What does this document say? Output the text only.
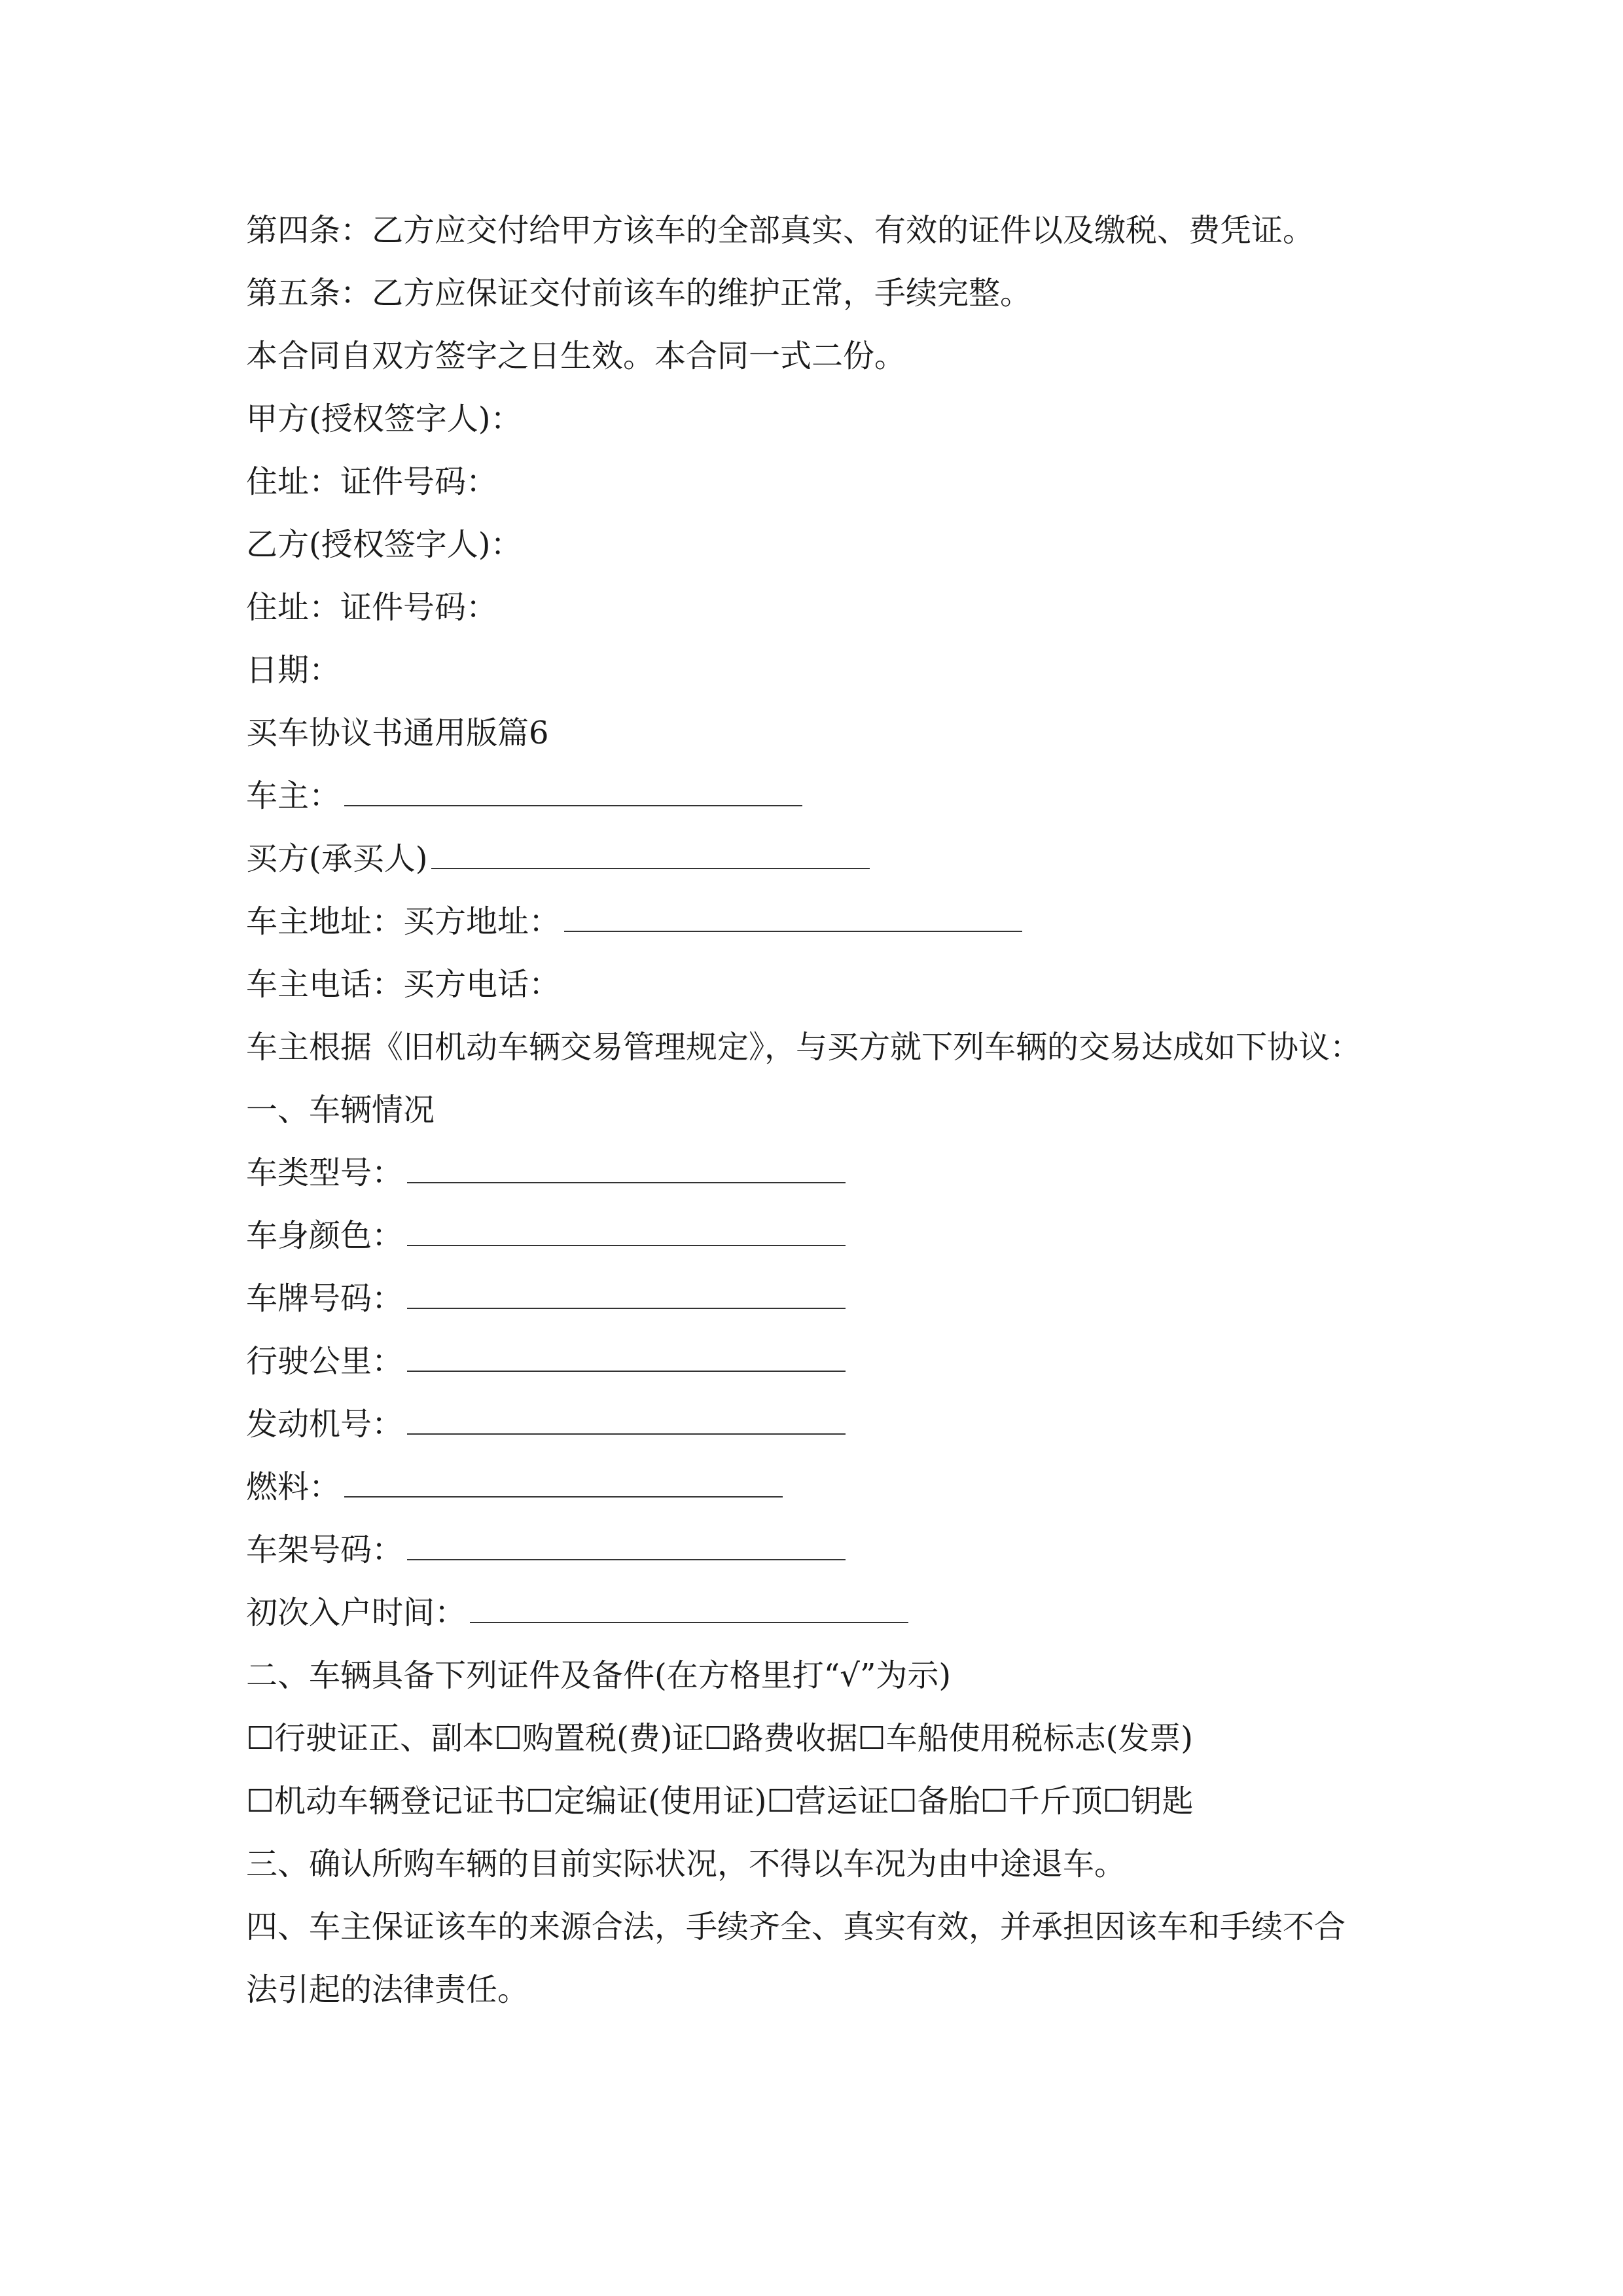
第四条：乙方应交付给甲方该车的全部真实、有效的证件以及缴税、费凭证。
第五条：乙方应保证交付前该车的维护正常，手续完整。
本合同自双方签字之日生效。本合同一式二份。
甲方(授权签字人)：
住址：证件号码：
乙方(授权签字人)：
住址：证件号码：
日期：
买车协议书通用版篇6
车主：
买方(承买人)
车主地址：买方地址：
车主电话：买方电话：
车主根据《旧机动车辆交易管理规定》，与买方就下列车辆的交易达成如下协议：
一、车辆情况
车类型号：
车身颜色：
车牌号码：
行驶公里：
发动机号：
燃料：
车架号码：
初次入户时间：
二、车辆具备下列证件及备件(在方格里打“√”为示)
☐行驶证正、副本☐购置税(费)证☐路费收据☐车船使用税标志(发票)
☐机动车辆登记证书☐定编证(使用证)☐营运证☐备胎☐千斤顶☐钥匙
三、确认所购车辆的目前实际状况，不得以车况为由中途退车。
四、车主保证该车的来源合法，手续齐全、真实有效，并承担因该车和手续不合
法引起的法律责任。
